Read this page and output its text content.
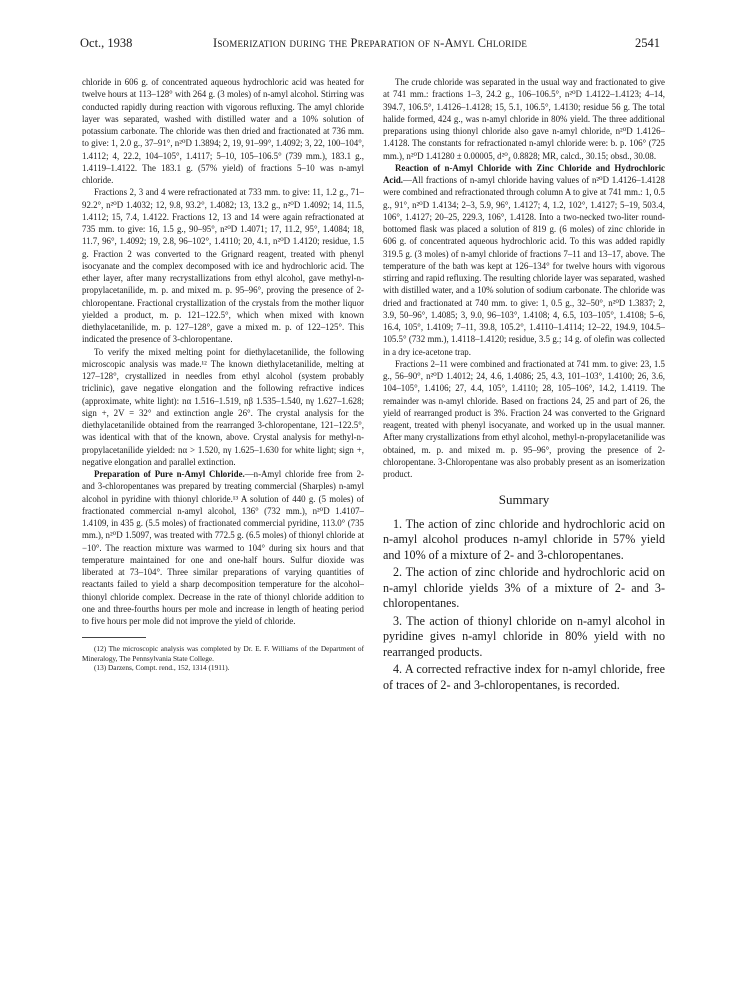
Oct., 1938	Isomerization during the Preparation of n-Amyl Chloride	2541

chloride in 606 g. of concentrated aqueous hydrochloric acid was heated for twelve hours at 113–128° with 264 g. (3 moles) of n-amyl alcohol. Stirring was conducted rapidly during reaction with vigorous refluxing. The amyl chloride layer was separated, washed with distilled water and a 10% solution of potassium carbonate. The chloride was then dried and fractionated at 736 mm. to give: 1, 2.0 g., 37–91°, n²⁰D 1.3894; 2, 19, 91–99°, 1.4092; 3, 22, 100–104°, 1.4112; 4, 22.2, 104–105°, 1.4117; 5–10, 105–106.5° (739 mm.), 183.1 g., 1.4119–1.4122. The 183.1 g. (57% yield) of fractions 5–10 was n-amyl chloride.

Fractions 2, 3 and 4 were refractionated at 733 mm. to give: 11, 1.2 g., 71–92.2°, n²⁰D 1.4032; 12, 9.8, 93.2°, 1.4082; 13, 13.2 g., n²⁰D 1.4092; 14, 11.5, 1.4112; 15, 7.4, 1.4122. Fractions 12, 13 and 14 were again refractionated at 735 mm. to give: 16, 1.5 g., 90–95°, n²⁰D 1.4071; 17, 11.2, 95°, 1.4084; 18, 11.7, 96°, 1.4092; 19, 2.8, 96–102°, 1.4110; 20, 4.1, n²⁰D 1.4120; residue, 1.5 g. Fraction 2 was converted to the Grignard reagent, treated with phenyl isocyanate and the complex decomposed with ice and hydrochloric acid. The ether layer, after many recrystallizations from ethyl alcohol, gave methyl-n-propylacetanilide, m. p. and mixed m. p. 95–96°, proving the presence of 2-chloropentane. Fractional crystallization of the crystals from the mother liquor yielded a product, m. p. 121–122.5°, which when mixed with known diethylacetanilide, m. p. 127–128°, gave a mixed m. p. of 122–125°. This indicated the presence of 3-chloropentane.

To verify the mixed melting point for diethylacetanilide, the following microscopic analysis was made.¹² The known diethylacetanilide, melting at 127–128°, crystallized in needles from ethyl alcohol (system probably triclinic), gave negative elongation and the following refractive indices (approximate, white light): nα 1.516–1.519, nβ 1.535–1.540, nγ 1.627–1.628; sign +, 2V = 32° and extinction angle 26°. The crystal analysis for the diethylacetanilide obtained from the rearranged 3-chloropentane, 121–122.5°, was identical with that of the known, above. Crystal analysis for methyl-n-propylacetanilide yielded: nα > 1.520, nγ 1.625–1.630 for white light; sign +, negative elongation and parallel extinction.

Preparation of Pure n-Amyl Chloride.—n-Amyl chloride free from 2- and 3-chloropentanes was prepared by treating commercial (Sharples) n-amyl alcohol in pyridine with thionyl chloride.¹³ A solution of 440 g. (5 moles) of fractionated commercial n-amyl alcohol, 136° (732 mm.), n²⁰D 1.4107–1.4109, in 435 g. (5.5 moles) of fractionated commercial pyridine, 113.0° (735 mm.), n²⁰D 1.5097, was treated with 772.5 g. (6.5 moles) of thionyl chloride at −10°. The reaction mixture was warmed to 104° during six hours and that temperature maintained for one and one-half hours. Sulfur dioxide was liberated at 73–104°. Three similar preparations of varying quantities of reactants failed to yield a sharp decomposition temperature for the alcohol–thionyl chloride complex. Decrease in the rate of thionyl chloride addition to one and three-fourths hours per mole and increase in length of heating period to five hours per mole did not improve the yield of chloride.

(12) The microscopic analysis was completed by Dr. E. F. Williams of the Department of Mineralogy, The Pennsylvania State College.

(13) Darzens, Compt. rend., 152, 1314 (1911).

The crude chloride was separated in the usual way and fractionated to give at 741 mm.: fractions 1–3, 24.2 g., 106–106.5°, n²⁰D 1.4122–1.4123; 4–14, 394.7, 106.5°, 1.4126–1.4128; 15, 5.1, 106.5°, 1.4130; residue 56 g. The total halide formed, 424 g., was n-amyl chloride in 80% yield. The three additional preparations using thionyl chloride also gave n-amyl chloride, n²⁰D 1.4126–1.4128. The constants for refractionated n-amyl chloride were: b. p. 106° (725 mm.), n²⁰D 1.41280 ± 0.00005, d²⁰₄ 0.8828; MR, calcd., 30.15; obsd., 30.08.

Reaction of n-Amyl Chloride with Zinc Chloride and Hydrochloric Acid.—All fractions of n-amyl chloride having values of n²⁰D 1.4126–1.4128 were combined and refractionated through column A to give at 741 mm.: 1, 0.5 g., 91°, n²⁰D 1.4134; 2–3, 5.9, 96°, 1.4127; 4, 1.2, 102°, 1.4127; 5–19, 503.4, 106°, 1.4127; 20–25, 229.3, 106°, 1.4128. Into a two-necked two-liter round-bottomed flask was placed a solution of 819 g. (6 moles) of zinc chloride in 606 g. of concentrated aqueous hydrochloric acid. To this was added rapidly 319.5 g. (3 moles) of n-amyl chloride of fractions 7–11 and 13–17, above. The temperature of the bath was kept at 126–134° for twelve hours with vigorous stirring and rapid refluxing. The resulting chloride layer was separated, washed with distilled water, and a 10% solution of sodium carbonate. The chloride was dried and fractionated at 740 mm. to give: 1, 0.5 g., 32–50°, n²⁰D 1.3837; 2, 3.9, 50–96°, 1.4085; 3, 9.0, 96–103°, 1.4108; 4, 6.5, 103–105°, 1.4108; 5–6, 16.4, 105°, 1.4109; 7–11, 39.8, 105.2°, 1.4110–1.4114; 12–22, 194.9, 104.5–105.5° (732 mm.), 1.4118–1.4120; residue, 3.5 g.; 14 g. of olefin was collected in a dry ice-acetone trap.

Fractions 2–11 were combined and fractionated at 741 mm. to give: 23, 1.5 g., 56–90°, n²⁰D 1.4012; 24, 4.6, 1.4086; 25, 4.3, 101–103°, 1.4100; 26, 3.6, 104–105°, 1.4106; 27, 4.4, 105°, 1.4110; 28, 105–106°, 14.2, 1.4119. The remainder was n-amyl chloride. Based on fractions 24, 25 and part of 26, the yield of rearranged product is 3%. Fraction 24 was converted to the Grignard reagent, treated with phenyl isocyanate, and worked up in the usual manner. After many crystallizations from ethyl alcohol, methyl-n-propylacetanilide was obtained, m. p. and mixed m. p. 95–96°, proving the presence of 2-chloropentane. 3-Chloropentane was also probably present as an isomerization product.

Summary

1. The action of zinc chloride and hydrochloric acid on n-amyl alcohol produces n-amyl chloride in 57% yield and 10% of a mixture of 2- and 3-chloropentanes.

2. The action of zinc chloride and hydrochloric acid on n-amyl chloride yields 3% of a mixture of 2- and 3-chloropentanes.

3. The action of thionyl chloride on n-amyl alcohol in pyridine gives n-amyl chloride in 80% yield with no rearranged products.

4. A corrected refractive index for n-amyl chloride, free of traces of 2- and 3-chloropentanes, is recorded.
